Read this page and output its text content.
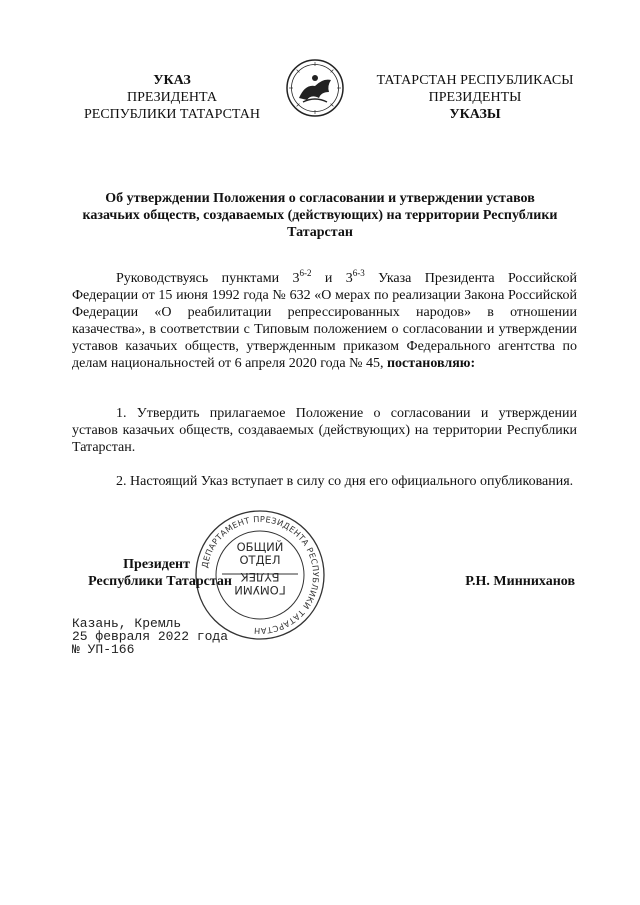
УКАЗ
ПРЕЗИДЕНТА
РЕСПУБЛИКИ ТАТАРСТАН
ТАТАРСТАН РЕСПУБЛИКАСЫ
ПРЕЗИДЕНТЫ
УКАЗЫ
Об утверждении Положения о согласовании и утверждении уставов казачьих обществ, создаваемых (действующих) на территории Республики Татарстан
Руководствуясь пунктами 3$^{6-2}$ и 3$^{6-3}$ Указа Президента Российской Федерации от 15 июня 1992 года № 632 «О мерах по реализации Закона Российской Федерации «О реабилитации репрессированных народов» в отношении казачества», в соответствии с Типовым положением о согласовании и утверждении уставов казачьих обществ, утвержденным приказом Федерального агентства по делам национальностей от 6 апреля 2020 года № 45, постановляю:
1. Утвердить прилагаемое Положение о согласовании и утверждении уставов казачьих обществ, создаваемых (действующих) на территории Республики Татарстан.
2. Настоящий Указ вступает в силу со дня его официального опубликования.
ДЕПАРТАМЕНТ ПРЕЗИДЕНТА РЕСПУБЛИКИ ТАТАРСТАН
ОБЩИЙ
ОТДЕЛ
БҮЛЕК
ГОМУМИ
Президент
Республики Татарстан	Р.Н. Минниханов
Казань, Кремль
25 февраля 2022 года
№ УП-166
